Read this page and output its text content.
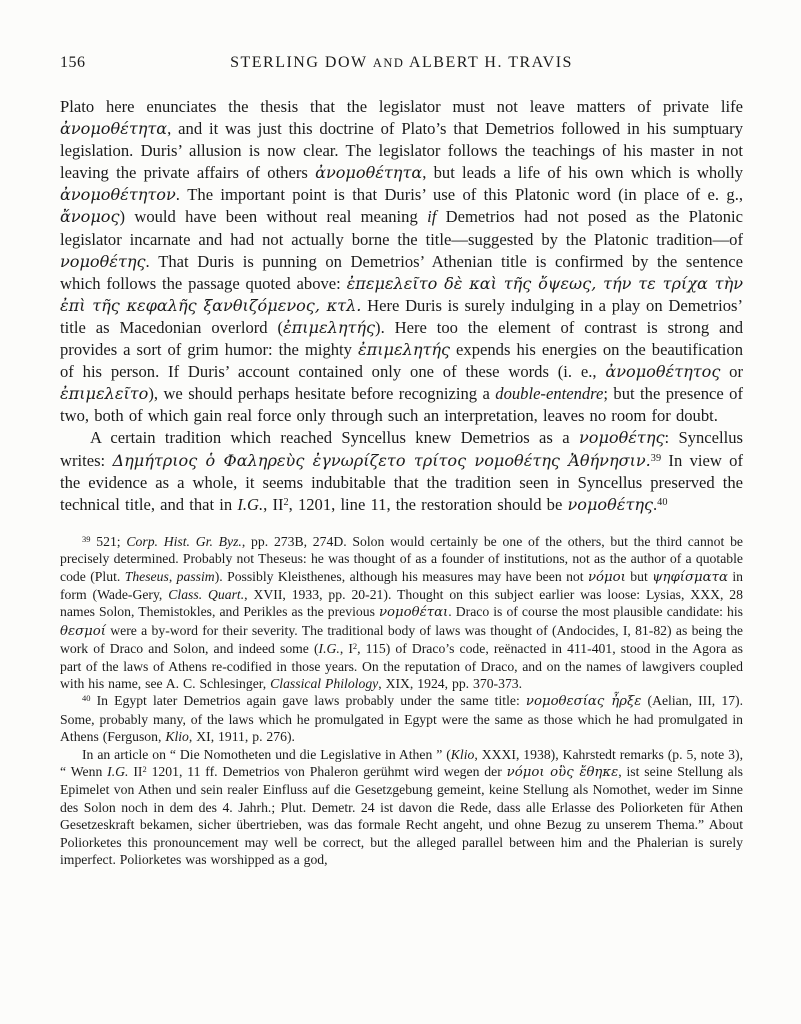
156	STERLING DOW AND ALBERT H. TRAVIS

Plato here enunciates the thesis that the legislator must not leave matters of private life ἀνομοθέτητα, and it was just this doctrine of Plato’s that Demetrios followed in his sumptuary legislation. Duris’ allusion is now clear. The legislator follows the teachings of his master in not leaving the private affairs of others ἀνομοθέτητα, but leads a life of his own which is wholly ἀνομοθέτητον. The important point is that Duris’ use of this Platonic word (in place of e. g., ἄνομος) would have been without real meaning if Demetrios had not posed as the Platonic legislator incarnate and had not actually borne the title—suggested by the Platonic tradition—of νομοθέτης. That Duris is punning on Demetrios’ Athenian title is confirmed by the sentence which follows the passage quoted above: ἐπεμελεῖτο δὲ καὶ τῆς ὄψεως, τήν τε τρίχα τὴν ἐπὶ τῆς κεφαλῆς ξανθιζόμενος, κτλ. Here Duris is surely indulging in a play on Demetrios’ title as Macedonian overlord (ἐπιμελητής). Here too the element of contrast is strong and provides a sort of grim humor: the mighty ἐπιμελητής expends his energies on the beautification of his person. If Duris’ account contained only one of these words (i. e., ἀνομοθέτητος or ἐπιμελεῖτο), we should perhaps hesitate before recognizing a double-entendre; but the presence of two, both of which gain real force only through such an interpretation, leaves no room for doubt.

A certain tradition which reached Syncellus knew Demetrios as a νομοθέτης: Syncellus writes: Δημήτριος ὁ Φαληρεὺς ἐγνωρίζετο τρίτος νομοθέτης Ἀθήνησιν.$^{39}$ In view of the evidence as a whole, it seems indubitable that the tradition seen in Syncellus preserved the technical title, and that in I.G., $II^2$, 1201, line 11, the restoration should be νομοθέτης.$^{40}$

$^{39}$ 521; Corp. Hist. Gr. Byz., pp. 273B, 274D. Solon would certainly be one of the others, but the third cannot be precisely determined. Probably not Theseus: he was thought of as a founder of institutions, not as the author of a quotable code (Plut. Theseus, passim). Possibly Kleisthenes, although his measures may have been not νόμοι but ψηφίσματα in form (Wade-Gery, Class. Quart., XVII, 1933, pp. 20-21). Thought on this subject earlier was loose: Lysias, XXX, 28 names Solon, Themistokles, and Perikles as the previous νομοθέται. Draco is of course the most plausible candidate: his θεσμοί were a by-word for their severity. The traditional body of laws was thought of (Andocides, I, 81-82) as being the work of Draco and Solon, and indeed some (I.G., $I^2$, 115) of Draco’s code, reënacted in 411-401, stood in the Agora as part of the laws of Athens re-codified in those years. On the reputation of Draco, and on the names of lawgivers coupled with his name, see A. C. Schlesinger, Classical Philology, XIX, 1924, pp. 370-373.

$^{40}$ In Egypt later Demetrios again gave laws probably under the same title: νομοθεσίας ἦρξε (Aelian, III, 17). Some, probably many, of the laws which he promulgated in Egypt were the same as those which he had promulgated in Athens (Ferguson, Klio, XI, 1911, p. 276).

In an article on “ Die Nomotheten und die Legislative in Athen ” (Klio, XXXI, 1938), Kahrstedt remarks (p. 5, note 3), “ Wenn I.G. $II^2$ 1201, 11 ff. Demetrios von Phaleron gerühmt wird wegen der νόμοι οὓς ἔθηκε, ist seine Stellung als Epimelet von Athen und sein realer Einfluss auf die Gesetzgebung gemeint, keine Stellung als Nomothet, weder im Sinne des Solon noch in dem des 4. Jahrh.; Plut. Demetr. 24 ist davon die Rede, dass alle Erlasse des Poliorketen für Athen Gesetzeskraft bekamen, sicher übertrieben, was das formale Recht angeht, und ohne Bezug zu unserem Thema.” About Poliorketes this pronouncement may well be correct, but the alleged parallel between him and the Phalerian is surely imperfect. Poliorketes was worshipped as a god,
